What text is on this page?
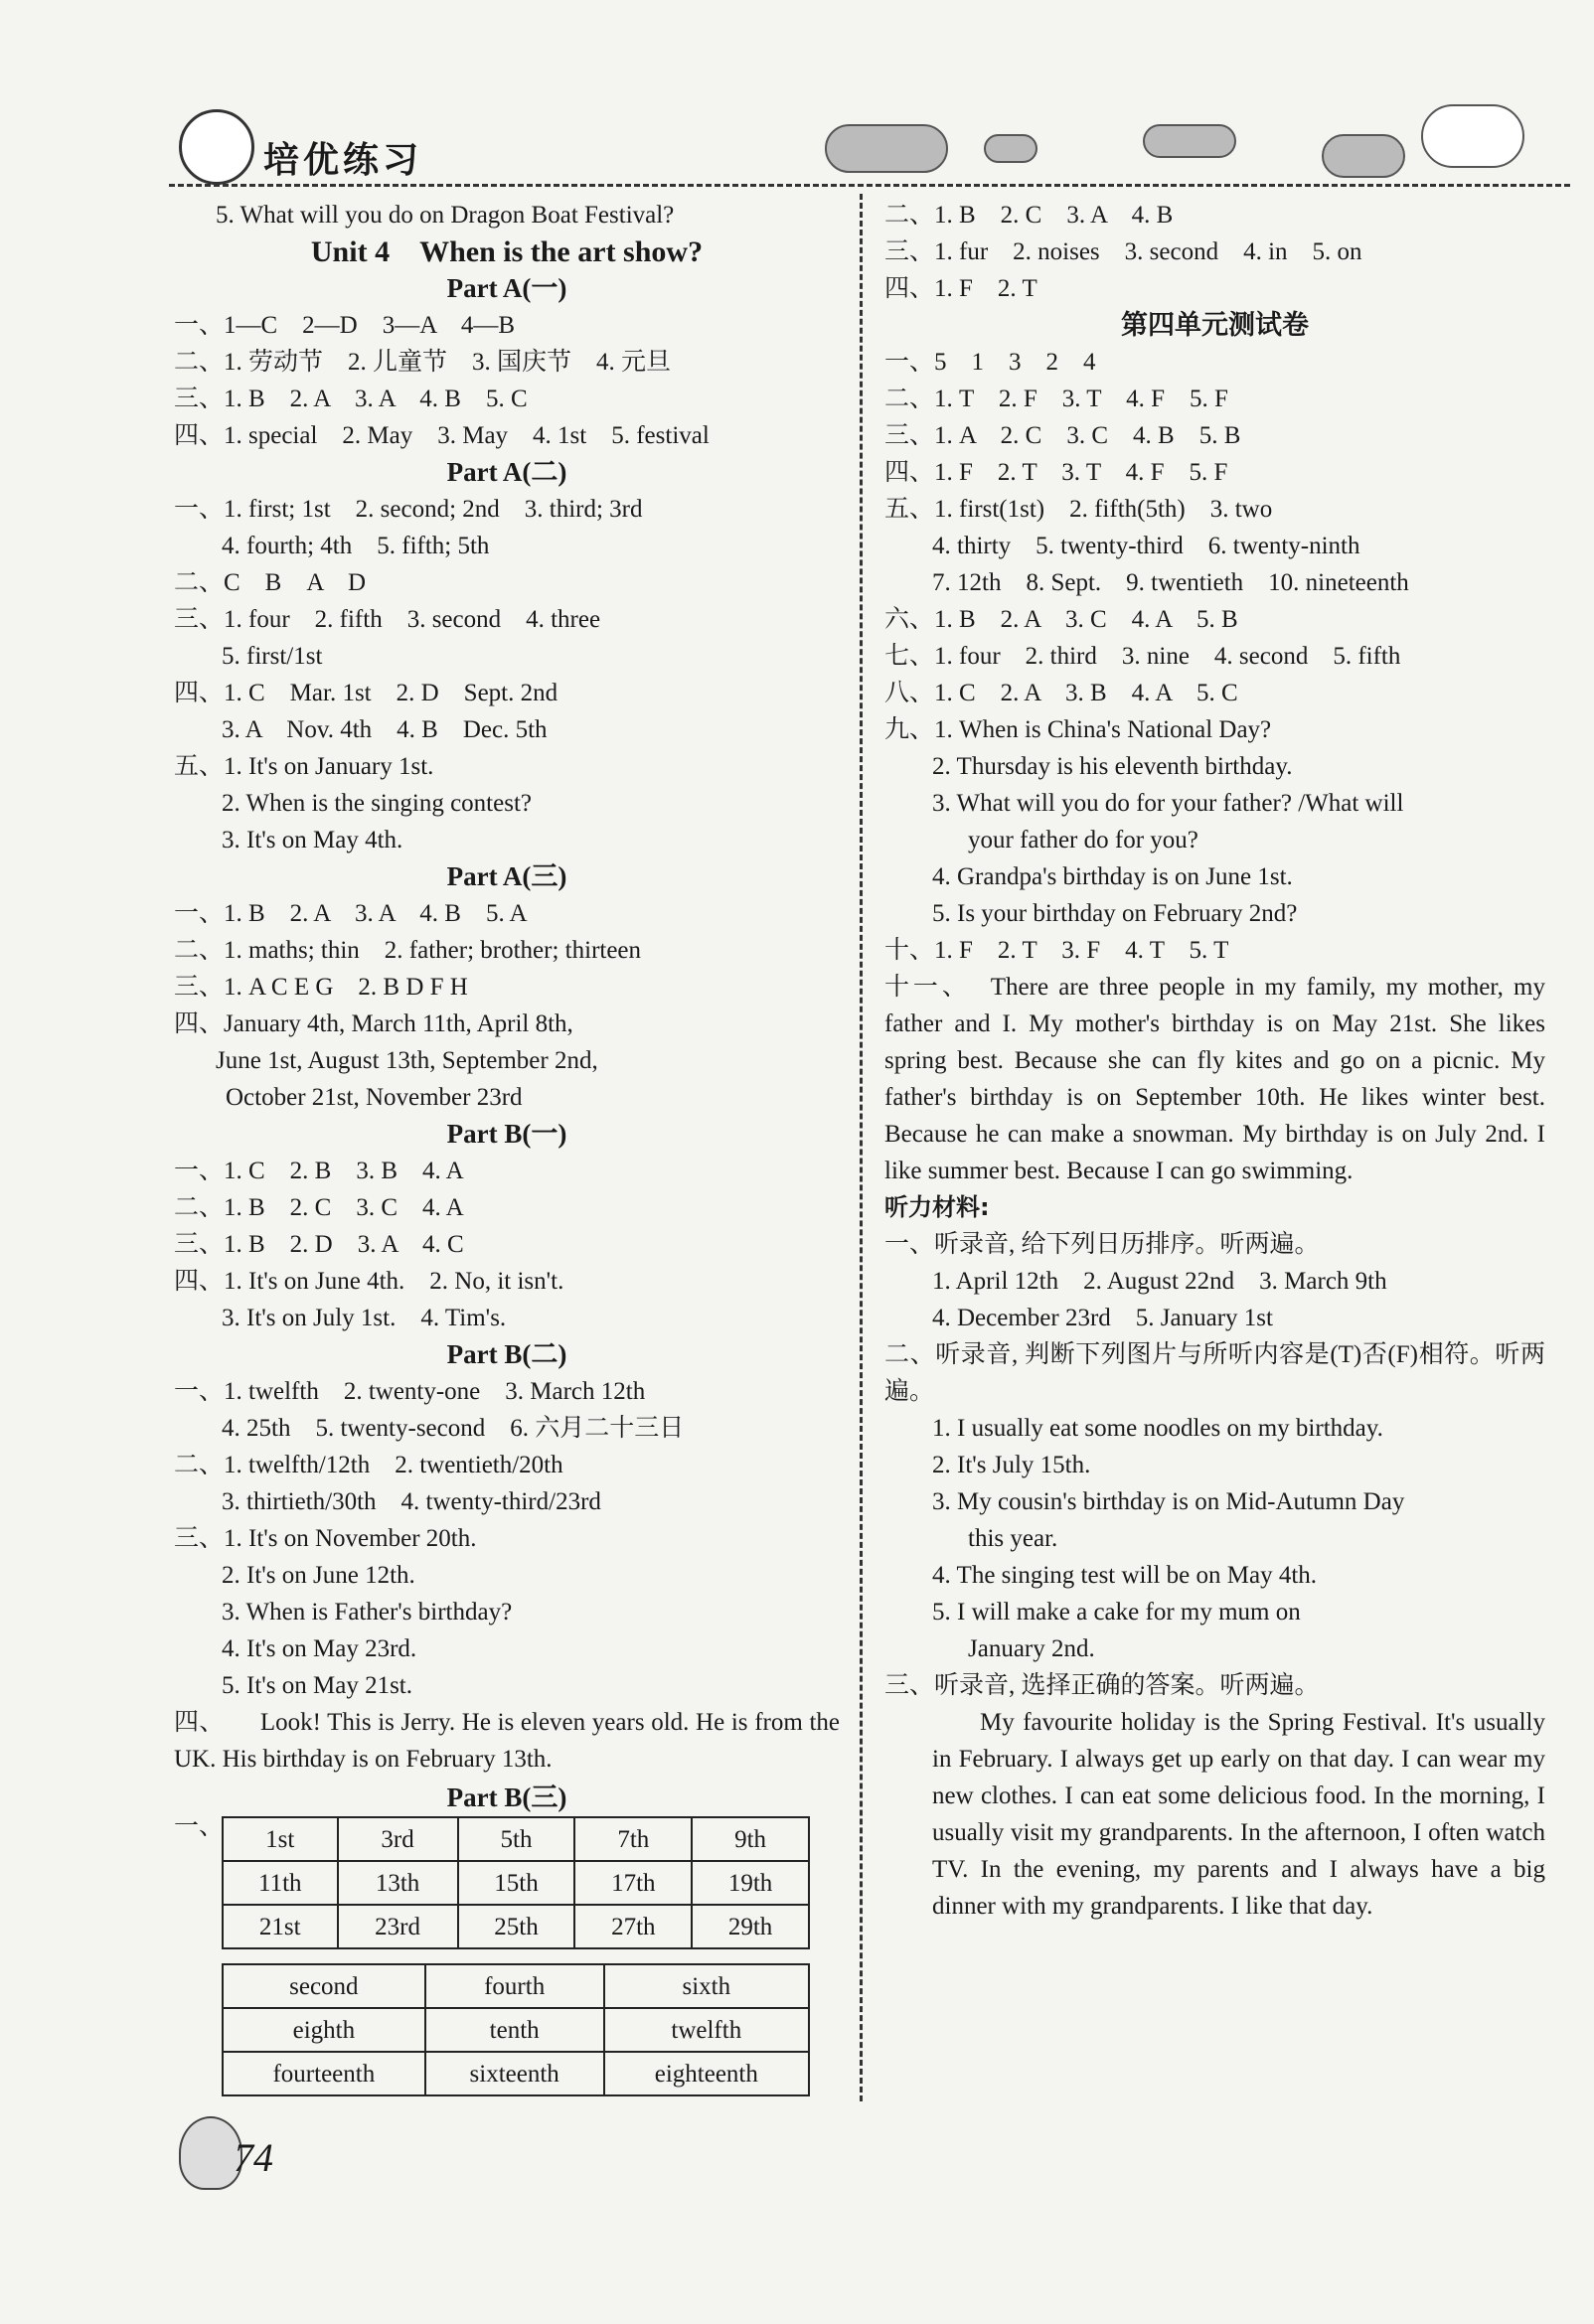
培优练习
5. What will you do on Dragon Boat Festival?
Unit 4　When is the art show?
Part A(一)
一、1—C　2—D　3—A　4—B
二、1. 劳动节　2. 儿童节　3. 国庆节　4. 元旦
三、1. B　2. A　3. A　4. B　5. C
四、1. special　2. May　3. May　4. 1st　5. festival
Part A(二)
一、1. first; 1st　2. second; 2nd　3. third; 3rd
4. fourth; 4th　5. fifth; 5th
二、C　B　A　D
三、1. four　2. fifth　3. second　4. three
5. first/1st
四、1. C　Mar. 1st　2. D　Sept. 2nd
3. A　Nov. 4th　4. B　Dec. 5th
五、1. It's on January 1st.
2. When is the singing contest?
3. It's on May 4th.
Part A(三)
一、1. B　2. A　3. A　4. B　5. A
二、1. maths; thin　2. father; brother; thirteen
三、1. A C E G　2. B D F H
四、January 4th, March 11th, April 8th,
June 1st, August 13th, September 2nd,
October 21st, November 23rd
Part B(一)
一、1. C　2. B　3. B　4. A
二、1. B　2. C　3. C　4. A
三、1. B　2. D　3. A　4. C
四、1. It's on June 4th.　2. No, it isn't.
3. It's on July 1st.　4. Tim's.
Part B(二)
一、1. twelfth　2. twenty-one　3. March 12th
4. 25th　5. twenty-second　6. 六月二十三日
二、1. twelfth/12th　2. twentieth/20th
3. thirtieth/30th　4. twenty-third/23rd
三、1. It's on November 20th.
2. It's on June 12th.
3. When is Father's birthday?
4. It's on May 23rd.
5. It's on May 21st.
四、 Look! This is Jerry. He is eleven years old. He is from the UK. His birthday is on February 13th.
Part B(三)
一、 1st	3rd	5th	7th	9th
11th	13th	15th	17th	19th
21st	23rd	25th	27th	29th
second	fourth	sixth
eighth	tenth	twelfth
fourteenth	sixteenth	eighteenth
二、1. B　2. C　3. A　4. B
三、1. fur　2. noises　3. second　4. in　5. on
四、1. F　2. T
第四单元测试卷
一、5　1　3　2　4
二、1. T　2. F　3. T　4. F　5. F
三、1. A　2. C　3. C　4. B　5. B
四、1. F　2. T　3. T　4. F　5. F
五、1. first(1st)　2. fifth(5th)　3. two
4. thirty　5. twenty-third　6. twenty-ninth
7. 12th　8. Sept.　9. twentieth　10. nineteenth
六、1. B　2. A　3. C　4. A　5. B
七、1. four　2. third　3. nine　4. second　5. fifth
八、1. C　2. A　3. B　4. A　5. C
九、1. When is China's National Day?
2. Thursday is his eleventh birthday.
3. What will you do for your father? /What will
your father do for you?
4. Grandpa's birthday is on June 1st.
5. Is your birthday on February 2nd?
十、1. F　2. T　3. F　4. T　5. T
十一、 There are three people in my family, my mother, my father and I. My mother's birthday is on May 21st. She likes spring best. Because she can fly kites and go on a picnic. My father's birthday is on September 10th. He likes winter best. Because he can make a snowman. My birthday is on July 2nd. I like summer best. Because I can go swimming.
听力材料:
一、听录音, 给下列日历排序。听两遍。
1. April 12th　2. August 22nd　3. March 9th
4. December 23rd　5. January 1st
二、听录音, 判断下列图片与所听内容是(T)否(F)相符。听两遍。
1. I usually eat some noodles on my birthday.
2. It's July 15th.
3. My cousin's birthday is on Mid-Autumn Day
this year.
4. The singing test will be on May 4th.
5. I will make a cake for my mum on
January 2nd.
三、听录音, 选择正确的答案。听两遍。
My favourite holiday is the Spring Festival. It's usually in February. I always get up early on that day. I can wear my new clothes. I can eat some delicious food. In the morning, I usually visit my grandparents. In the afternoon, I often watch TV. In the evening, my parents and I always have a big dinner with my grandparents. I like that day.
74
